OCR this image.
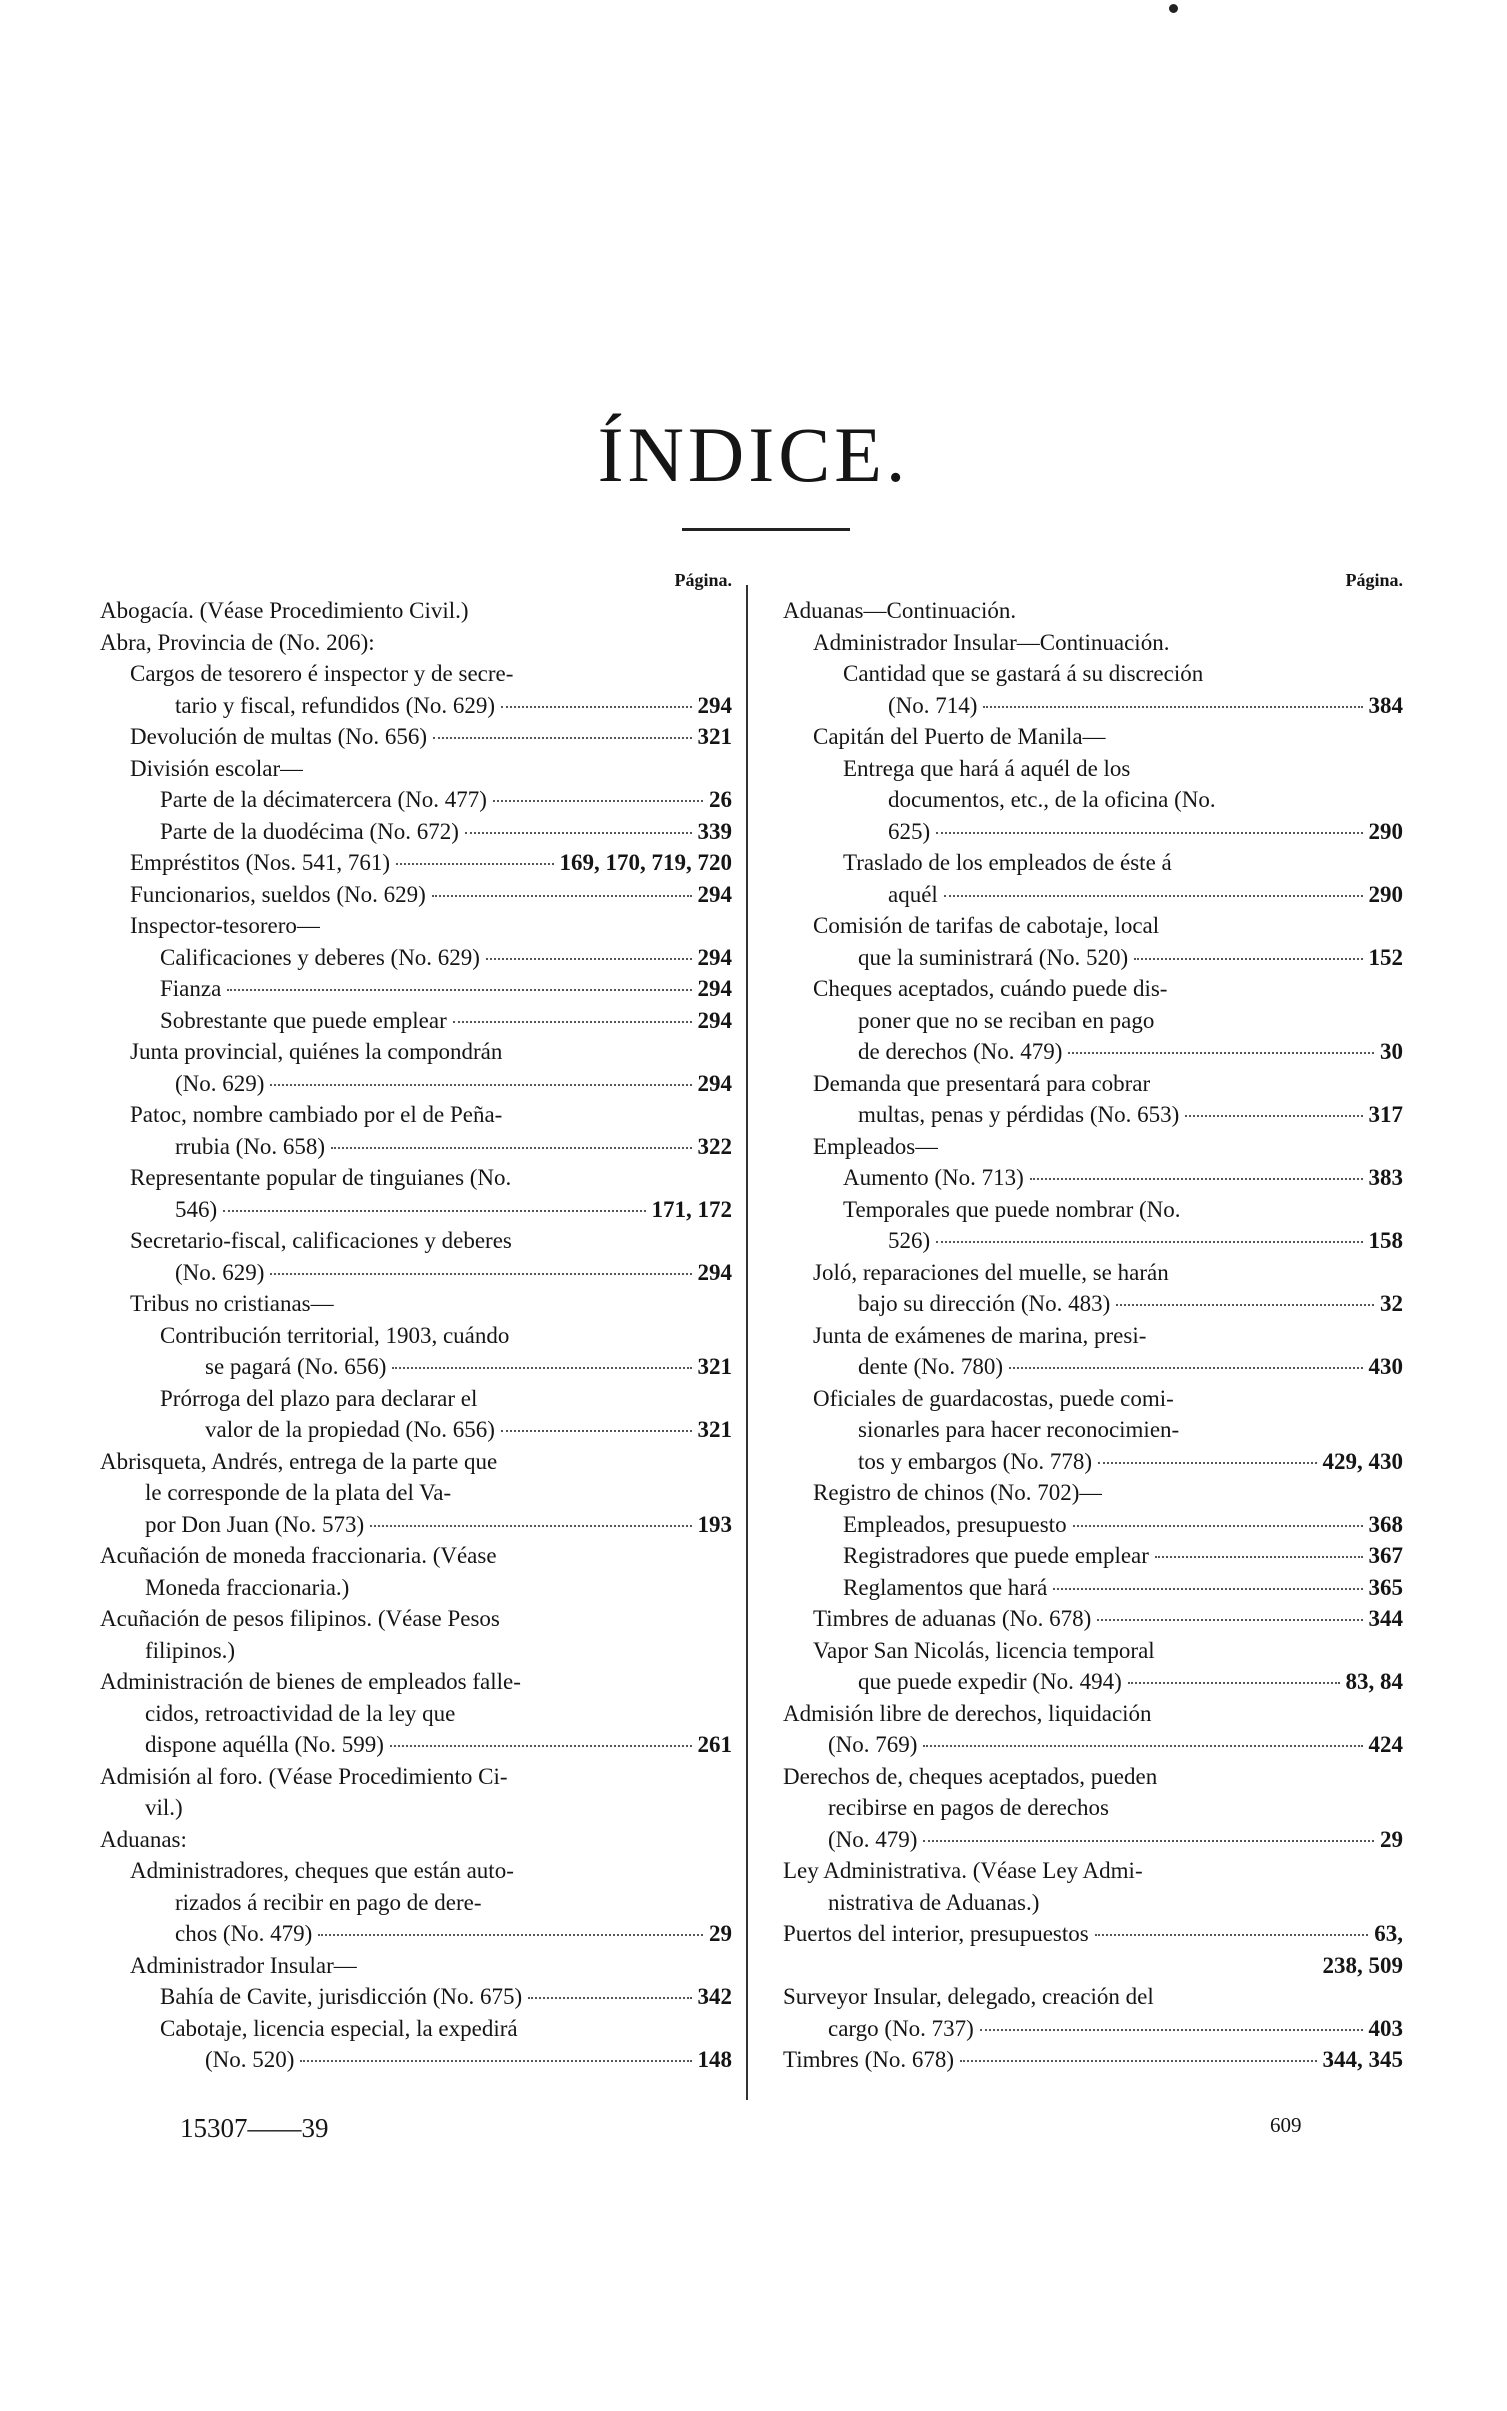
ÍNDICE.
Página.
Abogacía. (Véase Procedimiento Civil.)
Abra, Provincia de (No. 206):
Cargos de tesorero é inspector y de secre-
tario y fiscal, refundidos (No. 629)	294
Devolución de multas (No. 656)	321
División escolar—
Parte de la décimatercera (No. 477)	26
Parte de la duodécima (No. 672)	339
Empréstitos (Nos. 541, 761)	169, 170, 719, 720
Funcionarios, sueldos (No. 629)	294
Inspector-tesorero—
Calificaciones y deberes (No. 629)	294
Fianza	294
Sobrestante que puede emplear	294
Junta provincial, quiénes la compondrán
(No. 629)	294
Patoc, nombre cambiado por el de Peña-
rrubia (No. 658)	322
Representante popular de tinguianes (No.
546)	171, 172
Secretario-fiscal, calificaciones y deberes
(No. 629)	294
Tribus no cristianas—
Contribución territorial, 1903, cuándo
se pagará (No. 656)	321
Prórroga del plazo para declarar el
valor de la propiedad (No. 656)	321
Abrisqueta, Andrés, entrega de la parte que
le corresponde de la plata del Va-
por Don Juan (No. 573)	193
Acuñación de moneda fraccionaria. (Véase
Moneda fraccionaria.)
Acuñación de pesos filipinos. (Véase Pesos
filipinos.)
Administración de bienes de empleados falle-
cidos, retroactividad de la ley que
dispone aquélla (No. 599)	261
Admisión al foro. (Véase Procedimiento Ci-
vil.)
Aduanas:
Administradores, cheques que están auto-
rizados á recibir en pago de dere-
chos (No. 479)	29
Administrador Insular—
Bahía de Cavite, jurisdicción (No. 675)	342
Cabotaje, licencia especial, la expedirá
(No. 520)	148
Página.
Aduanas—Continuación.
Administrador Insular—Continuación.
Cantidad que se gastará á su discreción
(No. 714)	384
Capitán del Puerto de Manila—
Entrega que hará á aquél de los
documentos, etc., de la oficina (No.
625)	290
Traslado de los empleados de éste á
aquél	290
Comisión de tarifas de cabotaje, local
que la suministrará (No. 520)	152
Cheques aceptados, cuándo puede dis-
poner que no se reciban en pago
de derechos (No. 479)	30
Demanda que presentará para cobrar
multas, penas y pérdidas (No. 653)	317
Empleados—
Aumento (No. 713)	383
Temporales que puede nombrar (No.
526)	158
Joló, reparaciones del muelle, se harán
bajo su dirección (No. 483)	32
Junta de exámenes de marina, presi-
dente (No. 780)	430
Oficiales de guardacostas, puede comi-
sionarles para hacer reconocimien-
tos y embargos (No. 778)	429, 430
Registro de chinos (No. 702)—
Empleados, presupuesto	368
Registradores que puede emplear	367
Reglamentos que hará	365
Timbres de aduanas (No. 678)	344
Vapor San Nicolás, licencia temporal
que puede expedir (No. 494)	83, 84
Admisión libre de derechos, liquidación
(No. 769)	424
Derechos de, cheques aceptados, pueden
recibirse en pagos de derechos
(No. 479)	29
Ley Administrativa. (Véase Ley Admi-
nistrativa de Aduanas.)
Puertos del interior, presupuestos	63,
238, 509
Surveyor Insular, delegado, creación del
cargo (No. 737)	403
Timbres (No. 678)	344, 345
15307——39	609
